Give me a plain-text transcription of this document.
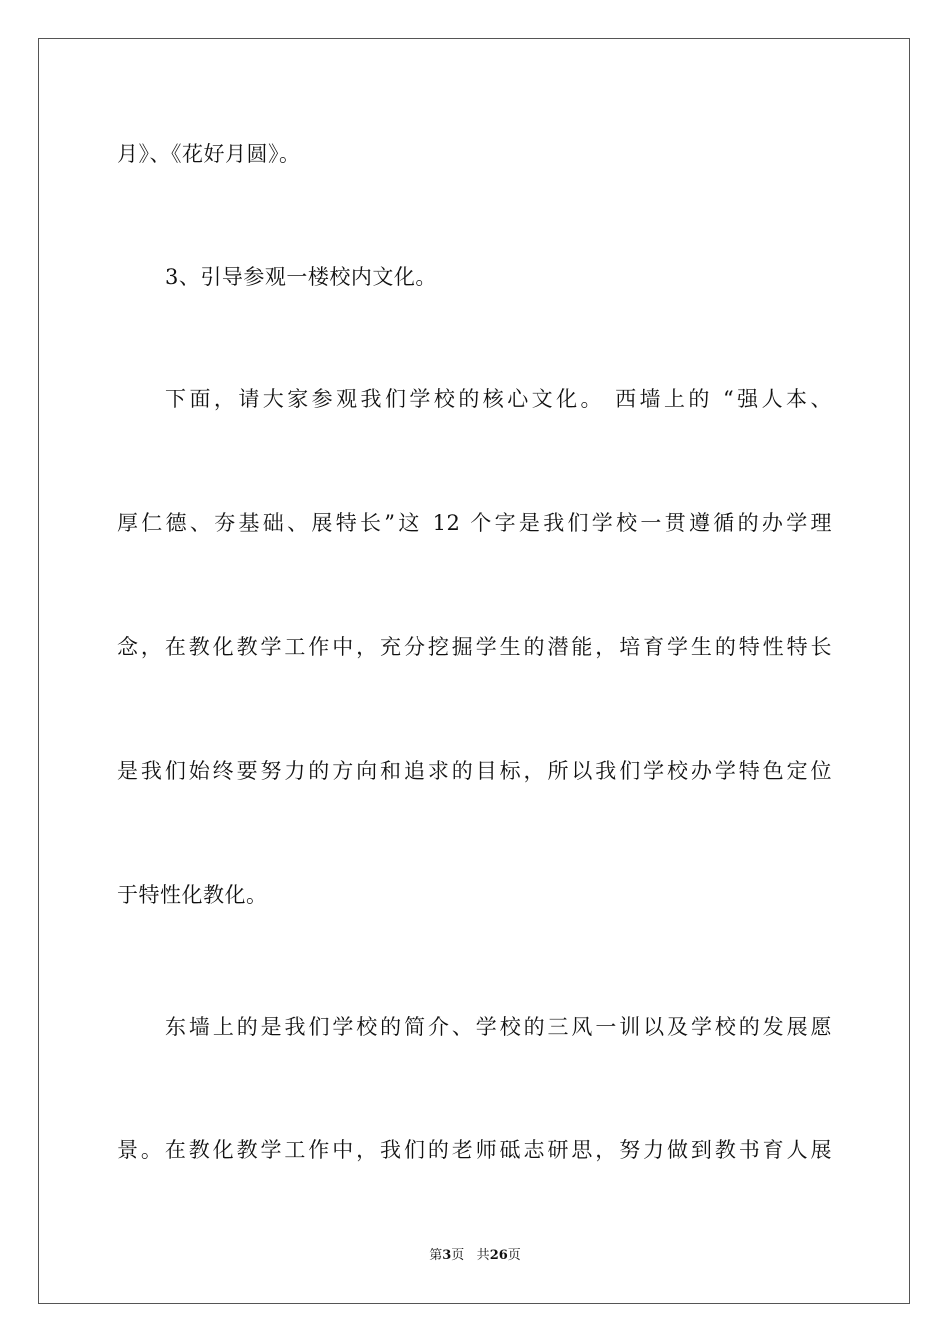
月》、《花好月圆》。
3、引导参观一楼校内文化。
下面，请大家参观我们学校的核心文化。 西墙上的 “强人本、
厚仁德、夯基础、展特长”这 12 个字是我们学校一贯遵循的办学理
念，在教化教学工作中，充分挖掘学生的潜能，培育学生的特性特长
是我们始终要努力的方向和追求的目标，所以我们学校办学特色定位
于特性化教化。
东墙上的是我们学校的简介、学校的三风一训以及学校的发展愿
景。在教化教学工作中，我们的老师砥志研思，努力做到教书育人展
第3页 共26页
